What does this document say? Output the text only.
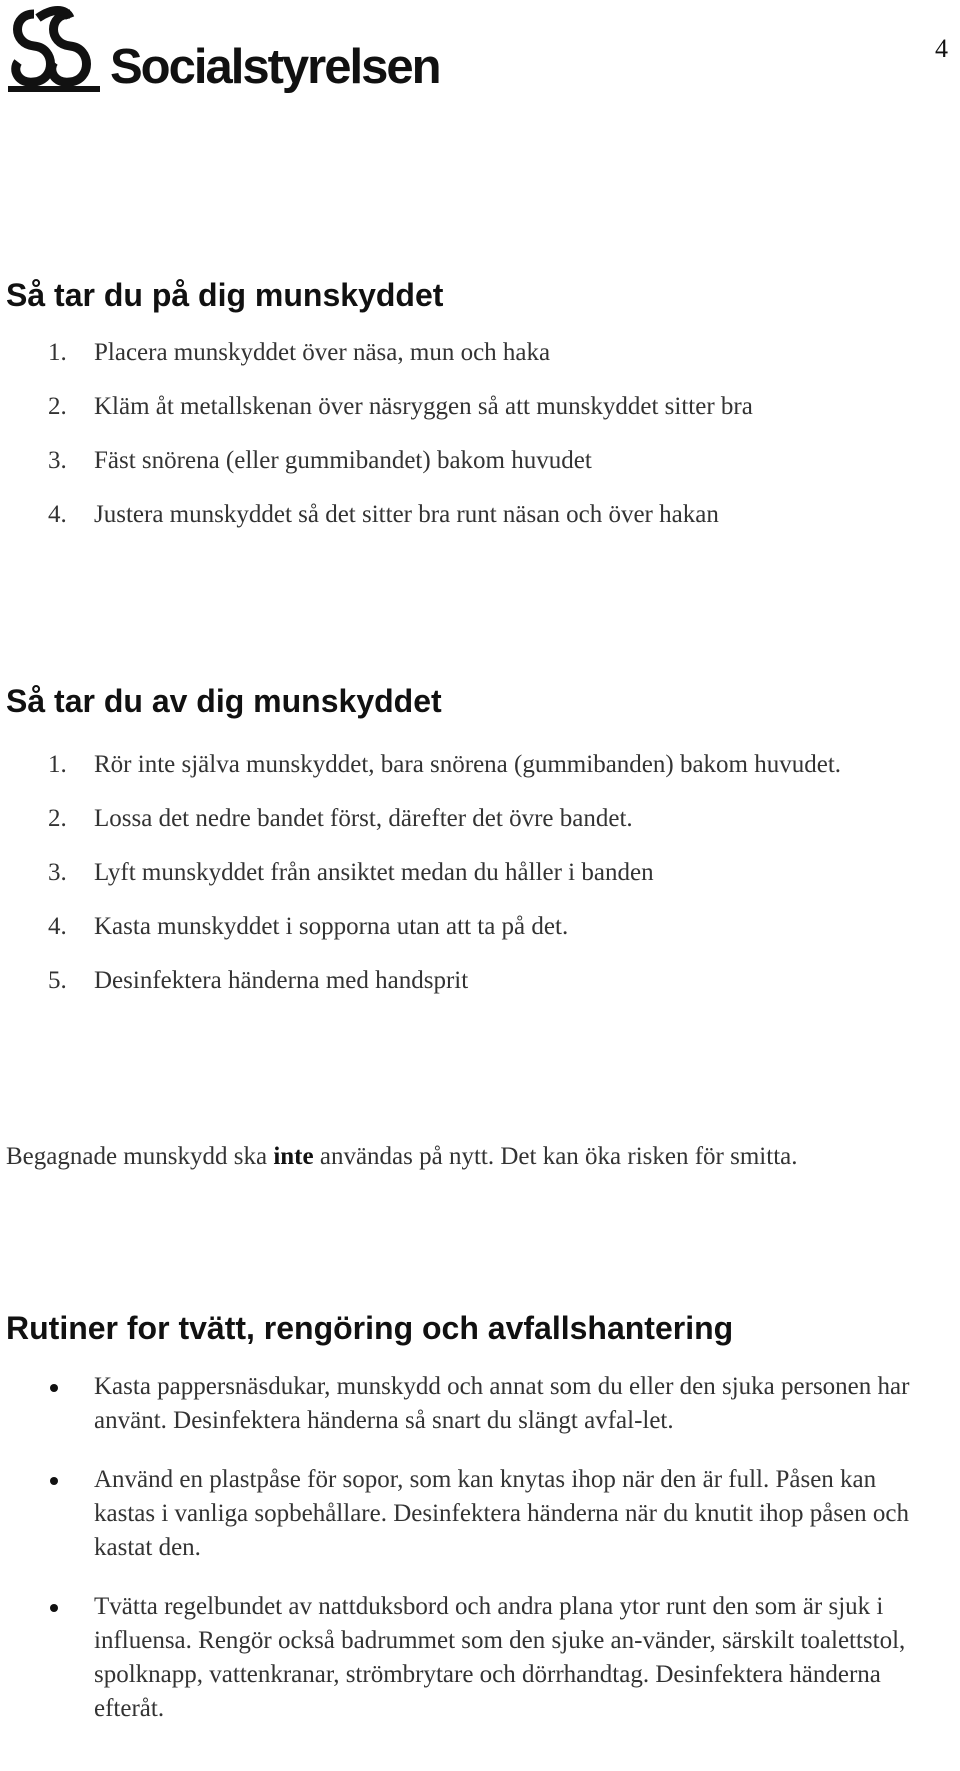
Socialstyrelsen	4
Så tar du på dig munskyddet
1. Placera munskyddet över näsa, mun och haka
2. Kläm åt metallskenan över näsryggen så att munskyddet sitter bra
3. Fäst snörena (eller gummibandet) bakom huvudet
4. Justera munskyddet så det sitter bra runt näsan och över hakan
Så tar du av dig munskyddet
1. Rör inte själva munskyddet, bara snörena (gummibanden) bakom huvudet.
2. Lossa det nedre bandet först, därefter det övre bandet.
3. Lyft munskyddet från ansiktet medan du håller i banden
4. Kasta munskyddet i sopporna utan att ta på det.
5. Desinfektera händerna med handsprit

Begagnade munskydd ska inte användas på nytt. Det kan öka risken för smitta.

Rutiner for tvätt, rengöring och avfallshantering
Kasta pappersnäsdukar, munskydd och annat som du eller den sjuka personen har använt. Desinfektera händerna så snart du slängt avfal-let.
Använd en plastpåse för sopor, som kan knytas ihop när den är full. Påsen kan kastas i vanliga sopbehållare. Desinfektera händerna när du knutit ihop påsen och kastat den.
Tvätta regelbundet av nattduksbord och andra plana ytor runt den som är sjuk i influensa. Rengör också badrummet som den sjuke an-vänder, särskilt toalettstol, spolknapp, vattenkranar, strömbrytare och dörrhandtag. Desinfektera händerna efteråt.
